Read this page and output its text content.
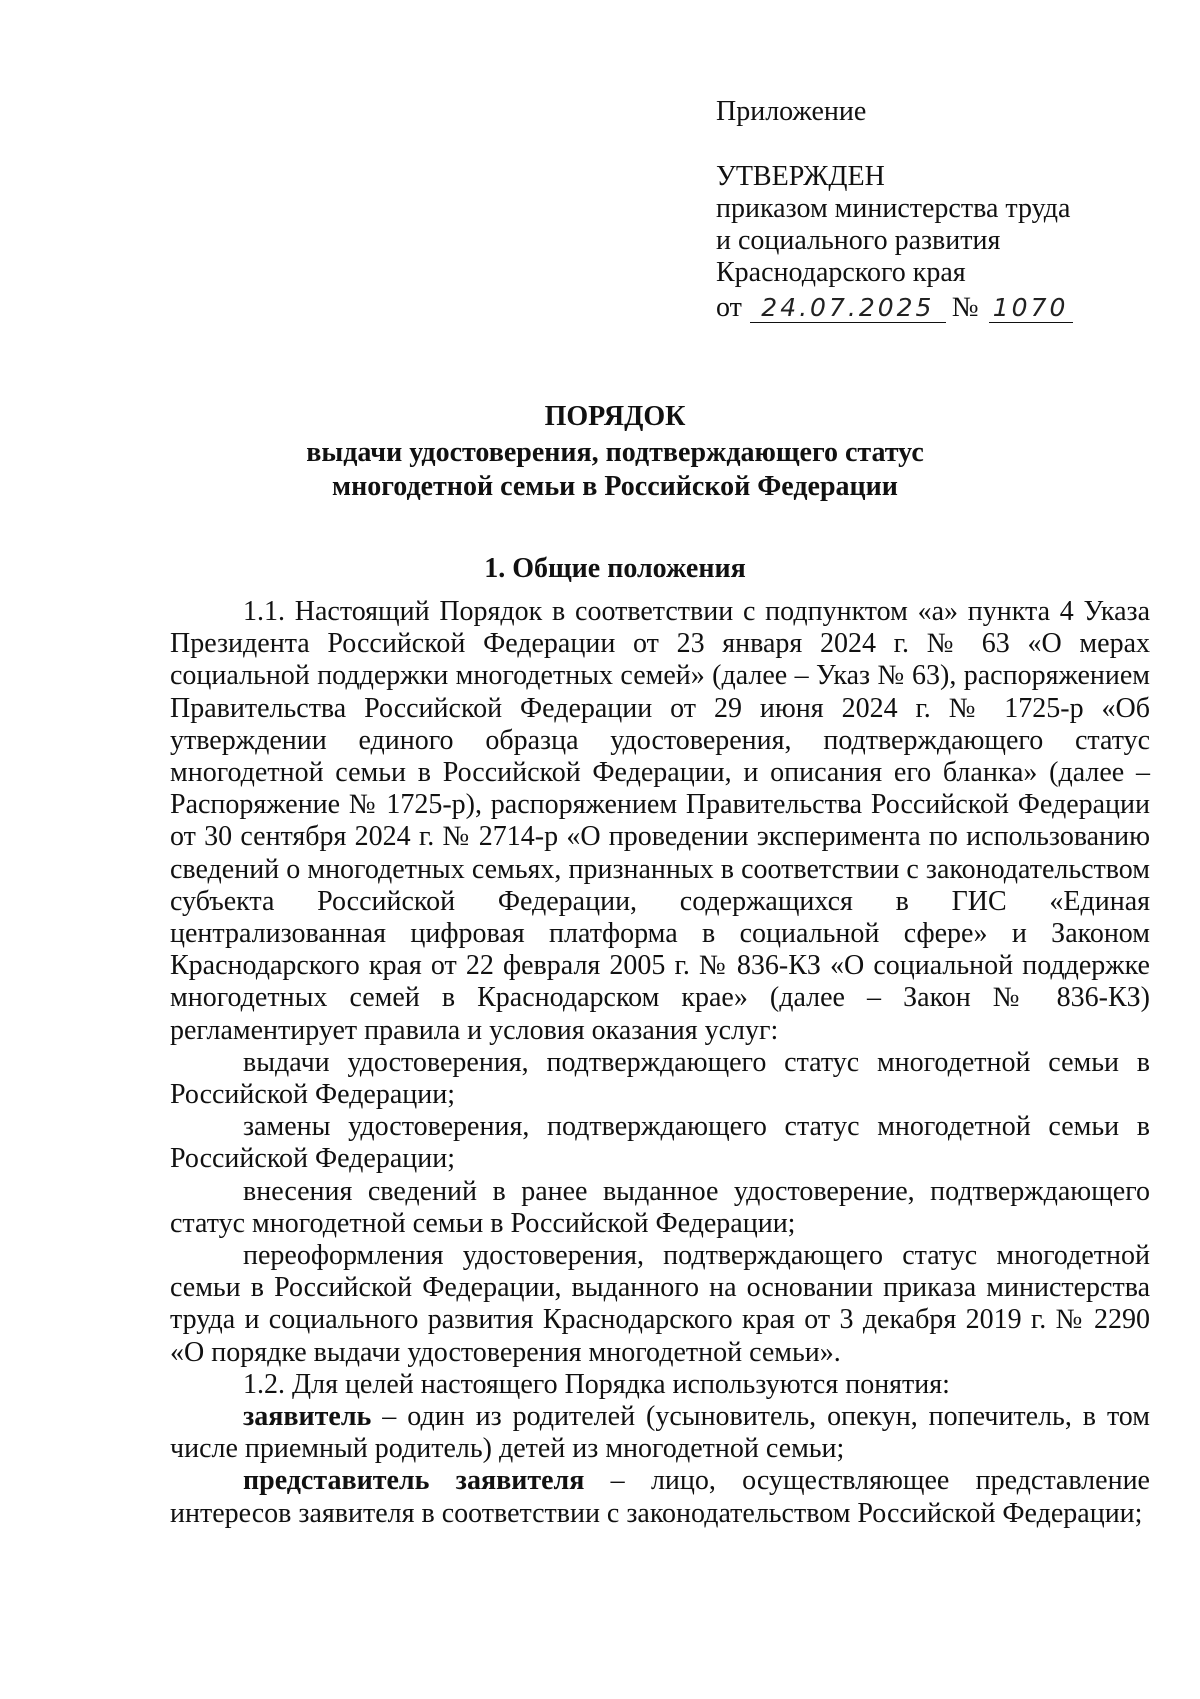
Приложение
УТВЕРЖДЕН
приказом министерства труда
и социального развития
Краснодарского края
от 24.07.2025 № 1070
ПОРЯДОК
выдачи удостоверения, подтверждающего статус
многодетной семьи в Российской Федерации
1. Общие положения

1.1. Настоящий Порядок в соответствии с подпунктом «а» пункта 4 Указа Президента Российской Федерации от 23 января 2024 г. № 63 «О мерах социальной поддержки многодетных семей» (далее – Указ № 63), распоряжением Правительства Российской Федерации от 29 июня 2024 г. № 1725-р «Об утверждении единого образца удостоверения, подтверждающего статус многодетной семьи в Российской Федерации, и описания его бланка» (далее – Распоряжение № 1725-р), распоряжением Правительства Российской Федерации от 30 сентября 2024 г. № 2714-р «О проведении эксперимента по использованию сведений о многодетных семьях, признанных в соответствии с законодательством субъекта Российской Федерации, содержащихся в ГИС «Единая централизованная цифровая платформа в социальной сфере» и Законом Краснодарского края от 22 февраля 2005 г. № 836-КЗ «О социальной поддержке многодетных семей в Краснодарском крае» (далее – Закон № 836-КЗ) регламентирует правила и условия оказания услуг:

выдачи удостоверения, подтверждающего статус многодетной семьи в Российской Федерации;

замены удостоверения, подтверждающего статус многодетной семьи в Российской Федерации;

внесения сведений в ранее выданное удостоверение, подтверждающего статус многодетной семьи в Российской Федерации;

переоформления удостоверения, подтверждающего статус многодетной семьи в Российской Федерации, выданного на основании приказа министерства труда и социального развития Краснодарского края от 3 декабря 2019 г. № 2290 «О порядке выдачи удостоверения многодетной семьи».

1.2. Для целей настоящего Порядка используются понятия:

заявитель – один из родителей (усыновитель, опекун, попечитель, в том числе приемный родитель) детей из многодетной семьи;

представитель заявителя – лицо, осуществляющее представление интересов заявителя в соответствии с законодательством Российской Федерации;
